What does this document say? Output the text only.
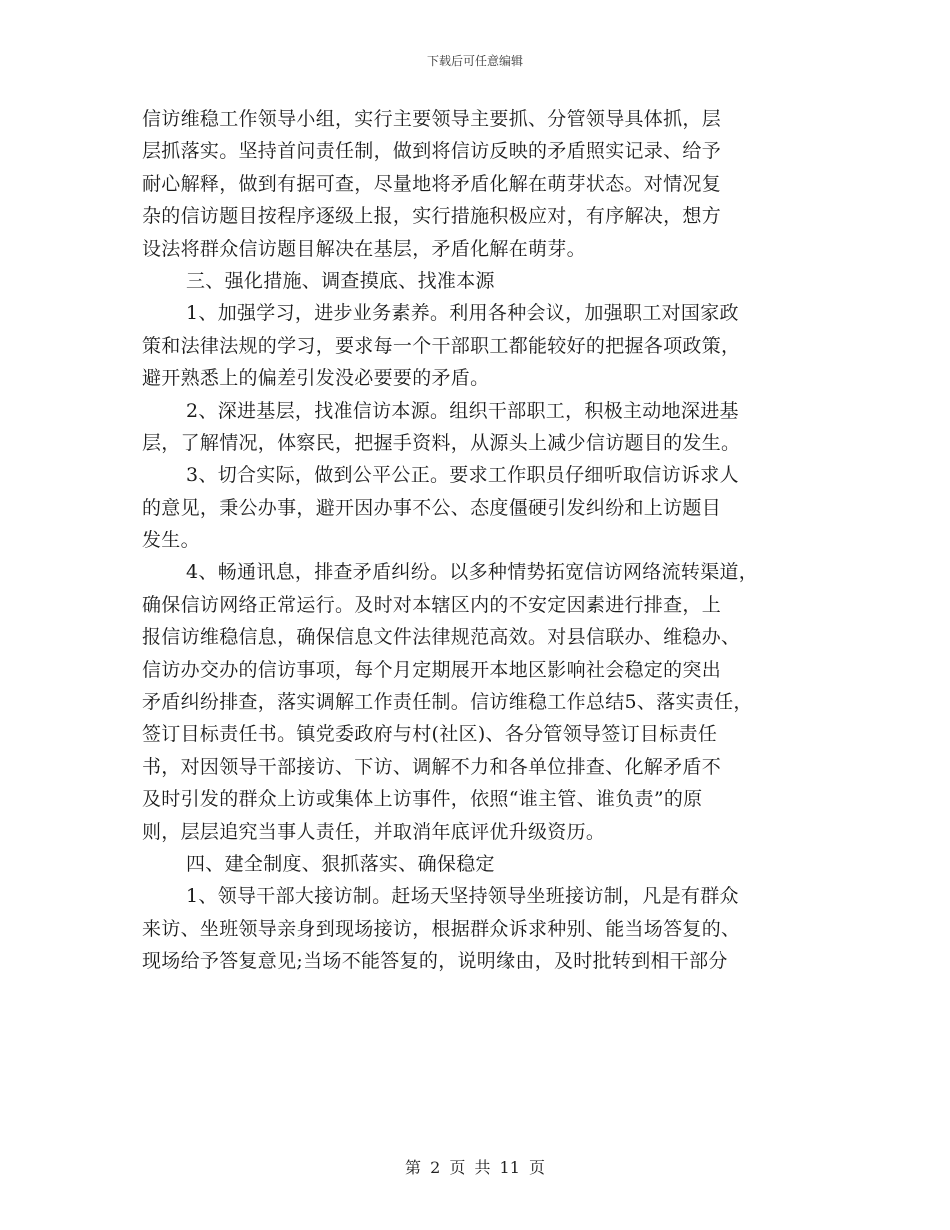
下载后可任意编辑
信访维稳工作领导小组，实行主要领导主要抓、分管领导具体抓，层
层抓落实。坚持首问责任制，做到将信访反映的矛盾照实记录、给予
耐心解释，做到有据可查，尽量地将矛盾化解在萌芽状态。对情况复
杂的信访题目按程序逐级上报，实行措施积极应对，有序解决，想方
设法将群众信访题目解决在基层，矛盾化解在萌芽。
三、强化措施、调查摸底、找准本源
1、加强学习，进步业务素养。利用各种会议，加强职工对国家政
策和法律法规的学习，要求每一个干部职工都能较好的把握各项政策，
避开熟悉上的偏差引发没必要要的矛盾。
2、深进基层，找准信访本源。组织干部职工，积极主动地深进基
层，了解情况，体察民，把握手资料，从源头上减少信访题目的发生。
3、切合实际，做到公平公正。要求工作职员仔细听取信访诉求人
的意见，秉公办事，避开因办事不公、态度僵硬引发纠纷和上访题目
发生。
4、畅通讯息，排查矛盾纠纷。以多种情势拓宽信访网络流转渠道，
确保信访网络正常运行。及时对本辖区内的不安定因素进行排查，上
报信访维稳信息，确保信息文件法律规范高效。对县信联办、维稳办、
信访办交办的信访事项，每个月定期展开本地区影响社会稳定的突出
矛盾纠纷排查，落实调解工作责任制。信访维稳工作总结5、落实责任，
签订目标责任书。镇党委政府与村(社区)、各分管领导签订目标责任
书，对因领导干部接访、下访、调解不力和各单位排查、化解矛盾不
及时引发的群众上访或集体上访事件，依照“谁主管、谁负责”的原
则，层层追究当事人责任，并取消年底评优升级资历。
四、建全制度、狠抓落实、确保稳定
1、领导干部大接访制。赶场天坚持领导坐班接访制，凡是有群众
来访、坐班领导亲身到现场接访，根据群众诉求种别、能当场答复的、
现场给予答复意见;当场不能答复的，说明缘由，及时批转到相干部分
第 2 页 共 11 页
